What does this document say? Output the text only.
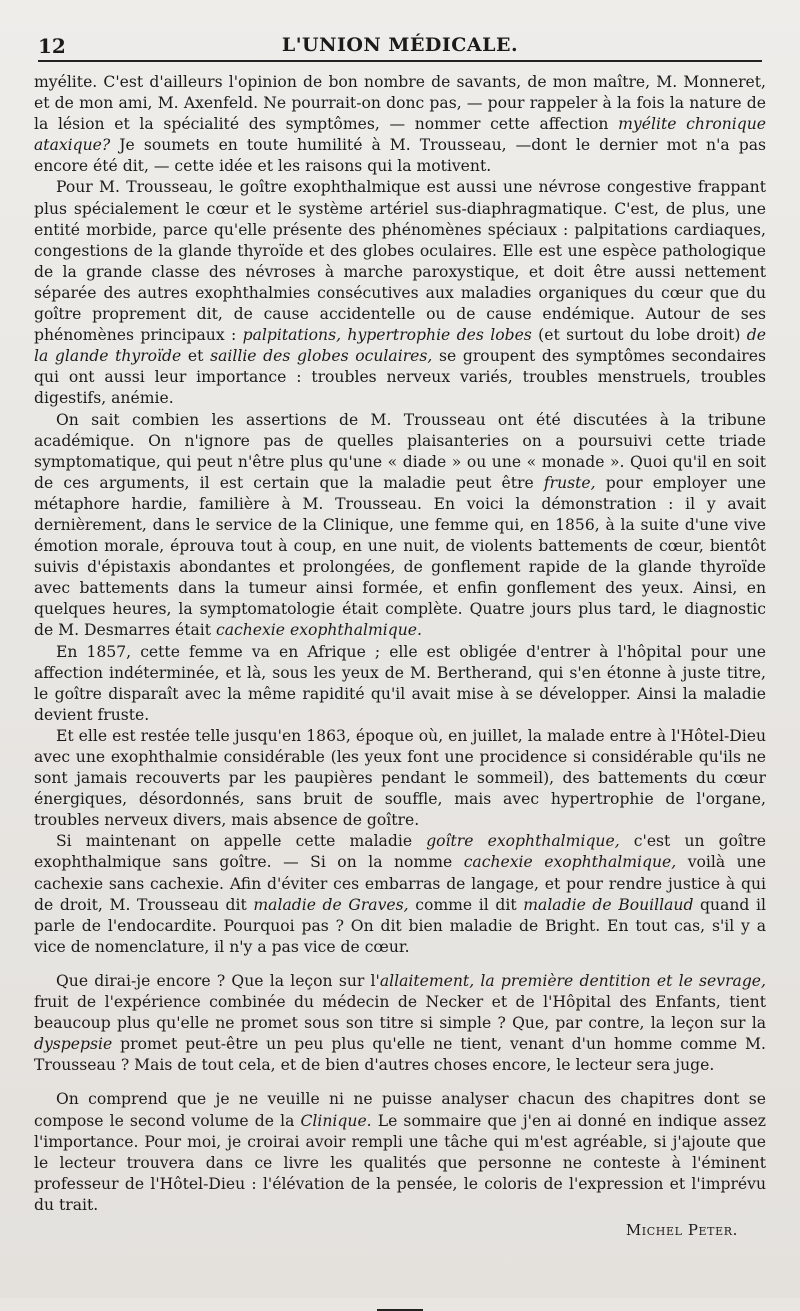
12	L'UNION MÉDICALE.

myélite. C'est d'ailleurs l'opinion de bon nombre de savants, de mon maître, M. Monneret, et de mon ami, M. Axenfeld. Ne pourrait-on donc pas, — pour rappeler à la fois la nature de la lésion et la spécialité des symptômes, — nommer cette affection myélite chronique ataxique? Je soumets en toute humilité à M. Trousseau, —dont le dernier mot n'a pas encore été dit, — cette idée et les raisons qui la motivent.

Pour M. Trousseau, le goître exophthalmique est aussi une névrose congestive frappant plus spécialement le cœur et le système artériel sus-diaphragmatique. C'est, de plus, une entité morbide, parce qu'elle présente des phénomènes spéciaux : palpitations cardiaques, congestions de la glande thyroïde et des globes oculaires. Elle est une espèce pathologique de la grande classe des névroses à marche paroxystique, et doit être aussi nettement séparée des autres exophthalmies consécutives aux maladies organiques du cœur que du goître proprement dit, de cause accidentelle ou de cause endémique. Autour de ses phénomènes principaux : palpitations, hypertrophie des lobes (et surtout du lobe droit) de la glande thyroïde et saillie des globes oculaires, se groupent des symptômes secondaires qui ont aussi leur importance : troubles nerveux variés, troubles menstruels, troubles digestifs, anémie.

On sait combien les assertions de M. Trousseau ont été discutées à la tribune académique. On n'ignore pas de quelles plaisanteries on a poursuivi cette triade symptomatique, qui peut n'être plus qu'une « diade » ou une « monade ». Quoi qu'il en soit de ces arguments, il est certain que la maladie peut être fruste, pour employer une métaphore hardie, familière à M. Trousseau. En voici la démonstration : il y avait dernièrement, dans le service de la Clinique, une femme qui, en 1856, à la suite d'une vive émotion morale, éprouva tout à coup, en une nuit, de violents battements de cœur, bientôt suivis d'épistaxis abondantes et prolongées, de gonflement rapide de la glande thyroïde avec battements dans la tumeur ainsi formée, et enfin gonflement des yeux. Ainsi, en quelques heures, la symptomatologie était complète. Quatre jours plus tard, le diagnostic de M. Desmarres était cachexie exophthalmique.

En 1857, cette femme va en Afrique ; elle est obligée d'entrer à l'hôpital pour une affection indéterminée, et là, sous les yeux de M. Bertherand, qui s'en étonne à juste titre, le goître disparaît avec la même rapidité qu'il avait mise à se développer. Ainsi la maladie devient fruste.

Et elle est restée telle jusqu'en 1863, époque où, en juillet, la malade entre à l'Hôtel-Dieu avec une exophthalmie considérable (les yeux font une procidence si considérable qu'ils ne sont jamais recouverts par les paupières pendant le sommeil), des battements du cœur énergiques, désordonnés, sans bruit de souffle, mais avec hypertrophie de l'organe, troubles nerveux divers, mais absence de goître.

Si maintenant on appelle cette maladie goître exophthalmique, c'est un goître exophthalmique sans goître. — Si on la nomme cachexie exophthalmique, voilà une cachexie sans cachexie. Afin d'éviter ces embarras de langage, et pour rendre justice à qui de droit, M. Trousseau dit maladie de Graves, comme il dit maladie de Bouillaud quand il parle de l'endocardite. Pourquoi pas ? On dit bien maladie de Bright. En tout cas, s'il y a vice de nomenclature, il n'y a pas vice de cœur.

Que dirai-je encore ? Que la leçon sur l'allaitement, la première dentition et le sevrage, fruit de l'expérience combinée du médecin de Necker et de l'Hôpital des Enfants, tient beaucoup plus qu'elle ne promet sous son titre si simple ? Que, par contre, la leçon sur la dyspepsie promet peut-être un peu plus qu'elle ne tient, venant d'un homme comme M. Trousseau ? Mais de tout cela, et de bien d'autres choses encore, le lecteur sera juge.

On comprend que je ne veuille ni ne puisse analyser chacun des chapitres dont se compose le second volume de la Clinique. Le sommaire que j'en ai donné en indique assez l'importance. Pour moi, je croirai avoir rempli une tâche qui m'est agréable, si j'ajoute que le lecteur trouvera dans ce livre les qualités que personne ne conteste à l'éminent professeur de l'Hôtel-Dieu : l'élévation de la pensée, le coloris de l'expression et l'imprévu du trait.

Michel Peter.
